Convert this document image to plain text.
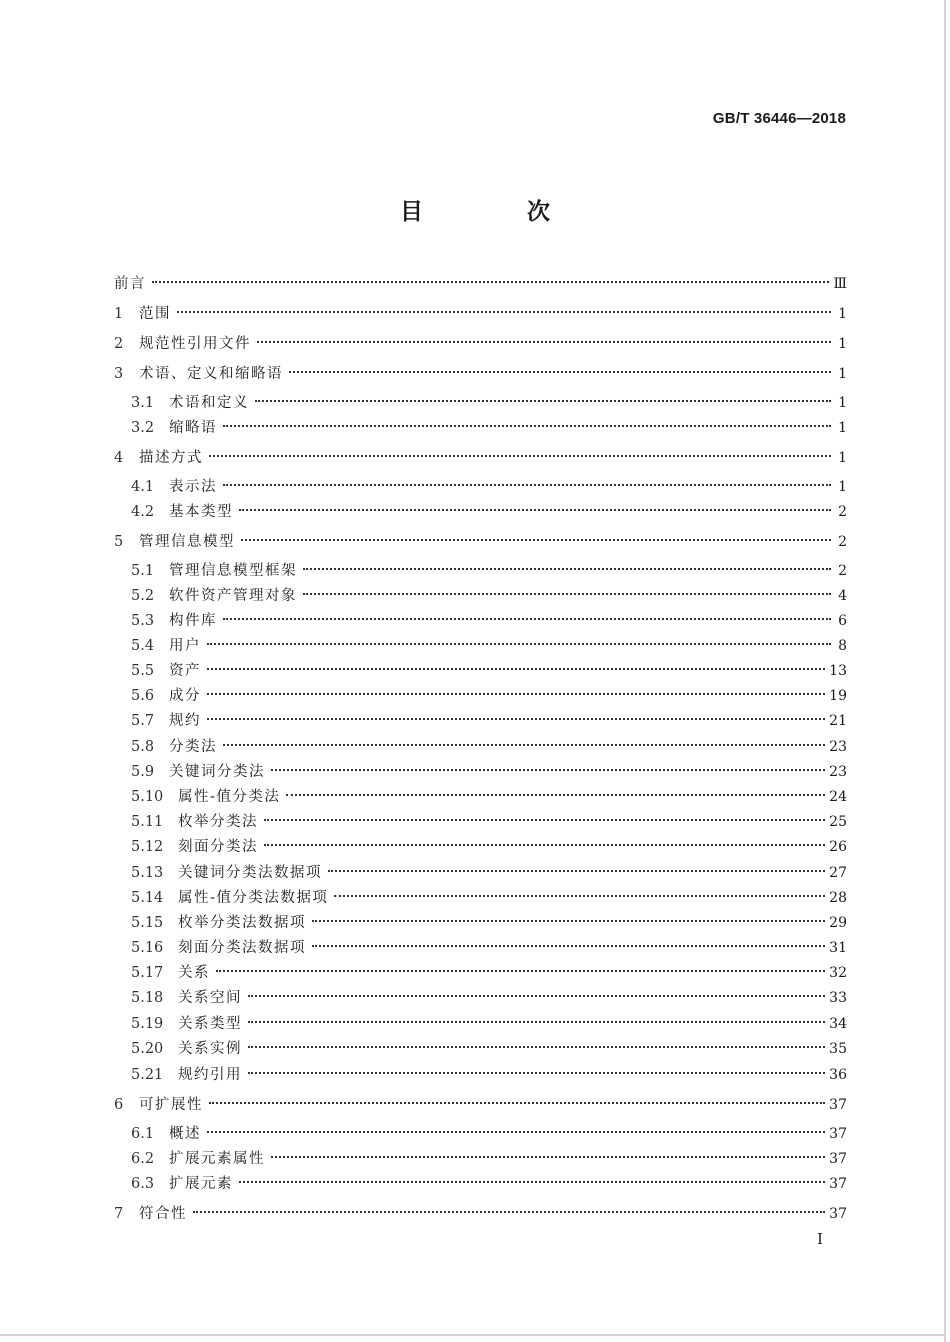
GB/T 36446—2018
目 次
前言	Ⅲ
1	范围	1
2	规范性引用文件	1
3	术语、定义和缩略语	1
3.1	术语和定义	1
3.2	缩略语	1
4	描述方式	1
4.1	表示法	1
4.2	基本类型	2
5	管理信息模型	2
5.1	管理信息模型框架	2
5.2	软件资产管理对象	4
5.3	构件库	6
5.4	用户	8
5.5	资产	13
5.6	成分	19
5.7	规约	21
5.8	分类法	23
5.9	关键词分类法	23
5.10	属性-值分类法	24
5.11	枚举分类法	25
5.12	刻面分类法	26
5.13	关键词分类法数据项	27
5.14	属性-值分类法数据项	28
5.15	枚举分类法数据项	29
5.16	刻面分类法数据项	31
5.17	关系	32
5.18	关系空间	33
5.19	关系类型	34
5.20	关系实例	35
5.21	规约引用	36
6	可扩展性	37
6.1	概述	37
6.2	扩展元素属性	37
6.3	扩展元素	37
7	符合性	37
I
